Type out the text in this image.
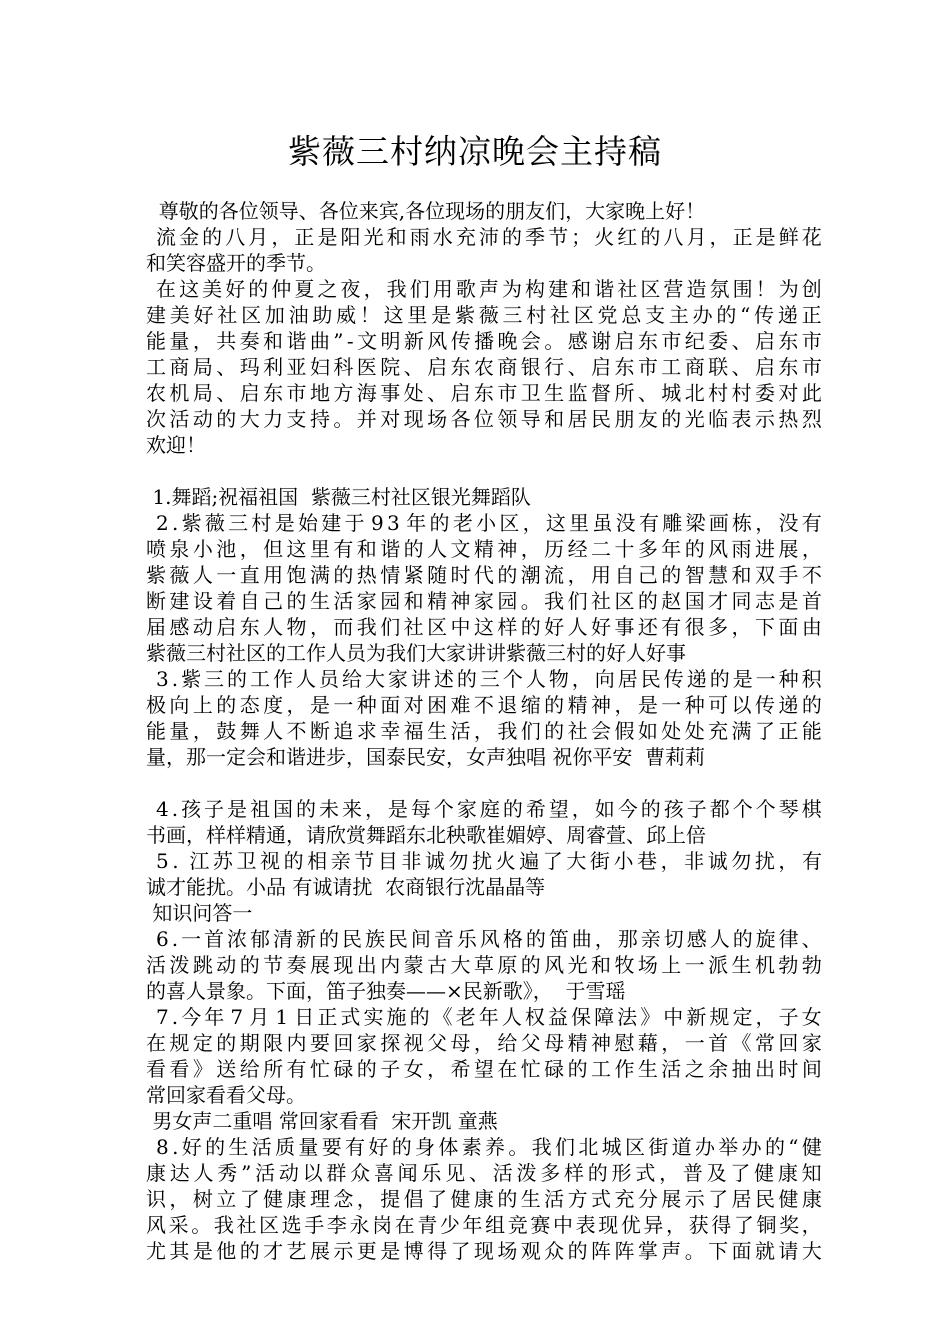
紫薇三村纳凉晚会主持稿
尊敬的各位领导、各位来宾,各位现场的朋友们，大家晚上好！
流 金 的 八 月 ， 正 是 阳 光 和 雨 水 充 沛 的 季 节 ； 火 红 的 八 月 ， 正 是 鲜 花
和笑容盛开的季节。
在 这 美 好 的 仲 夏 之 夜 ， 我 们 用 歌 声 为 构 建 和 谐 社 区 营 造 氛 围 ！ 为 创
建 美 好 社 区 加 油 助 威 ！ 这 里 是 紫 薇 三 村 社 区 党 总 支 主 办 的 “ 传 递 正
能 量 ， 共 奏 和 谐 曲 ” - 文 明 新 风 传 播 晚 会 。 感 谢 启 东 市 纪 委 、 启 东 市
工 商 局 、 玛 利 亚 妇 科 医 院 、 启 东 农 商 银 行 、 启 东 市 工 商 联 、 启 东 市
农 机 局 、 启 东 市 地 方 海 事 处 、 启 东 市 卫 生 监 督 所 、 城 北 村 村 委 对 此
次 活 动 的 大 力 支 持 。 并 对 现 场 各 位 领 导 和 居 民 朋 友 的 光 临 表 示 热 烈
欢迎！
1.舞蹈;祝福祖国  紫薇三村社区银光舞蹈队
2 . 紫 薇 三 村 是 始 建 于 9 3 年 的 老 小 区 ， 这 里 虽 没 有 雕 梁 画 栋 ， 没 有
喷 泉 小 池 ， 但 这 里 有 和 谐 的 人 文 精 神 ， 历 经 二 十 多 年 的 风 雨 进 展 ，
紫 薇 人 一 直 用 饱 满 的 热 情 紧 随 时 代 的 潮 流 ， 用 自 己 的 智 慧 和 双 手 不
断 建 设 着 自 己 的 生 活 家 园 和 精 神 家 园 。 我 们 社 区 的 赵 国 才 同 志 是 首
届 感 动 启 东 人 物 ， 而 我 们 社 区 中 这 样 的 好 人 好 事 还 有 很 多 ， 下 面 由
紫薇三村社区的工作人员为我们大家讲讲紫薇三村的好人好事
3 . 紫 三 的 工 作 人 员 给 大 家 讲 述 的 三 个 人 物 ， 向 居 民 传 递 的 是 一 种 积
极 向 上 的 态 度 ， 是 一 种 面 对 困 难 不 退 缩 的 精 神 ， 是 一 种 可 以 传 递 的
能 量 ， 鼓 舞 人 不 断 追 求 幸 福 生 活 ， 我 们 的 社 会 假 如 处 处 充 满 了 正 能
量，那一定会和谐进步，国泰民安，女声独唱 祝你平安  曹莉莉
4 . 孩 子 是 祖 国 的 未 来 ， 是 每 个 家 庭 的 希 望 ， 如 今 的 孩 子 都 个 个 琴 棋
书画，样样精通，请欣赏舞蹈东北秧歌崔媚婷、周睿萱、邱上倍
5 . 江 苏 卫 视 的 相 亲 节 目 非 诚 勿 扰 火 遍 了 大 街 小 巷 ， 非 诚 勿 扰 ， 有
诚才能扰。小品 有诚请扰  农商银行沈晶晶等
知识问答一
6 . 一 首 浓 郁 清 新 的 民 族 民 间 音 乐 风 格 的 笛 曲 ， 那 亲 切 感 人 的 旋 律 、
活 泼 跳 动 的 节 奏 展 现 出 内 蒙 古 大 草 原 的 风 光 和 牧 场 上 一 派 生 机 勃 勃
的喜人景象。下面，笛子独奏——×民新歌》，  于雪瑶
7 . 今 年 7 月 1 日 正 式 实 施 的 《 老 年 人 权 益 保 障 法 》 中 新 规 定 ， 子 女
在 规 定 的 期 限 内 要 回 家 探 视 父 母 ， 给 父 母 精 神 慰 藉 ， 一 首 《 常 回 家
看 看 》 送 给 所 有 忙 碌 的 子 女 ， 希 望 在 忙 碌 的 工 作 生 活 之 余 抽 出 时 间
常回家看看父母。
男女声二重唱 常回家看看  宋开凯 童燕
8 . 好 的 生 活 质 量 要 有 好 的 身 体 素 养 。 我 们 北 城 区 街 道 办 举 办 的 “ 健
康 达 人 秀 ” 活 动 以 群 众 喜 闻 乐 见 、 活 泼 多 样 的 形 式 ， 普 及 了 健 康 知
识 ， 树 立 了 健 康 理 念 ， 提 倡 了 健 康 的 生 活 方 式 充 分 展 示 了 居 民 健 康
风 采 。 我 社 区 选 手 李 永 岗 在 青 少 年 组 竞 赛 中 表 现 优 异 ， 获 得 了 铜 奖 ，
尤 其 是 他 的 才 艺 展 示 更 是 博 得 了 现 场 观 众 的 阵 阵 掌 声 。 下 面 就 请 大
